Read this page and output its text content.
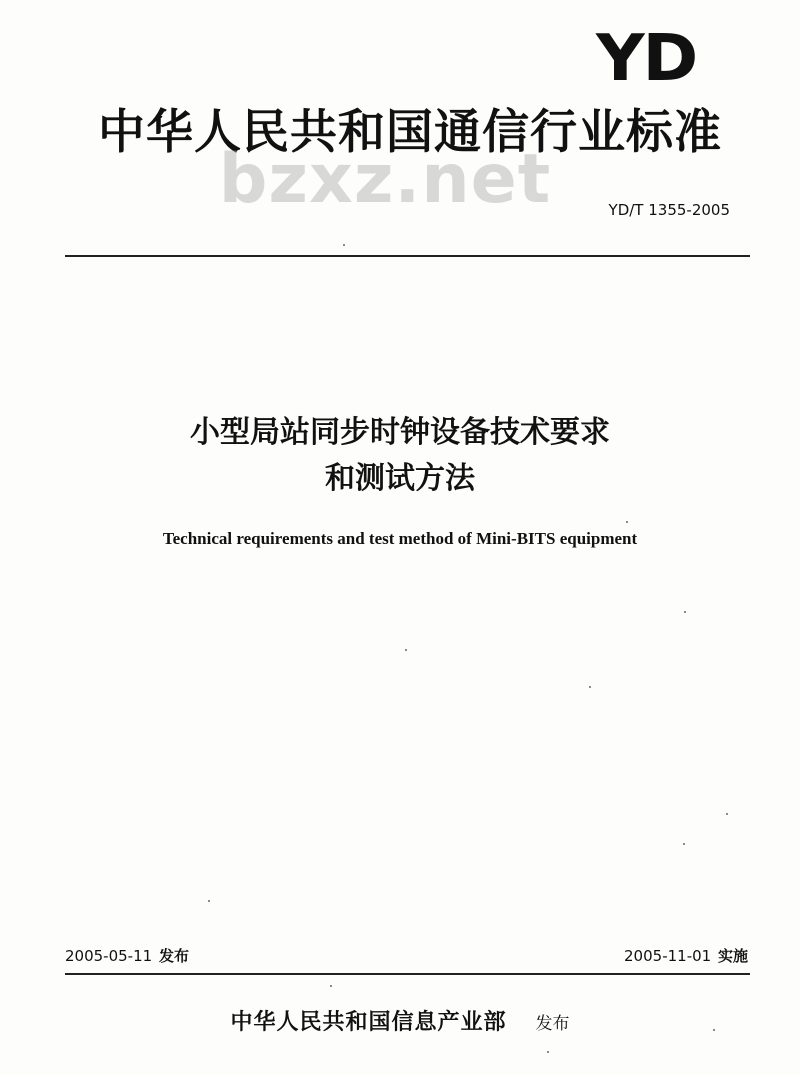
YD
中华人民共和国通信行业标准
bzxz.net	YD/T 1355-2005
小型局站同步时钟设备技术要求
和测试方法
Technical requirements and test method of Mini-BITS equipment
2005-05-11 发布	2005-11-01 实施
中华人民共和国信息产业部 发布
